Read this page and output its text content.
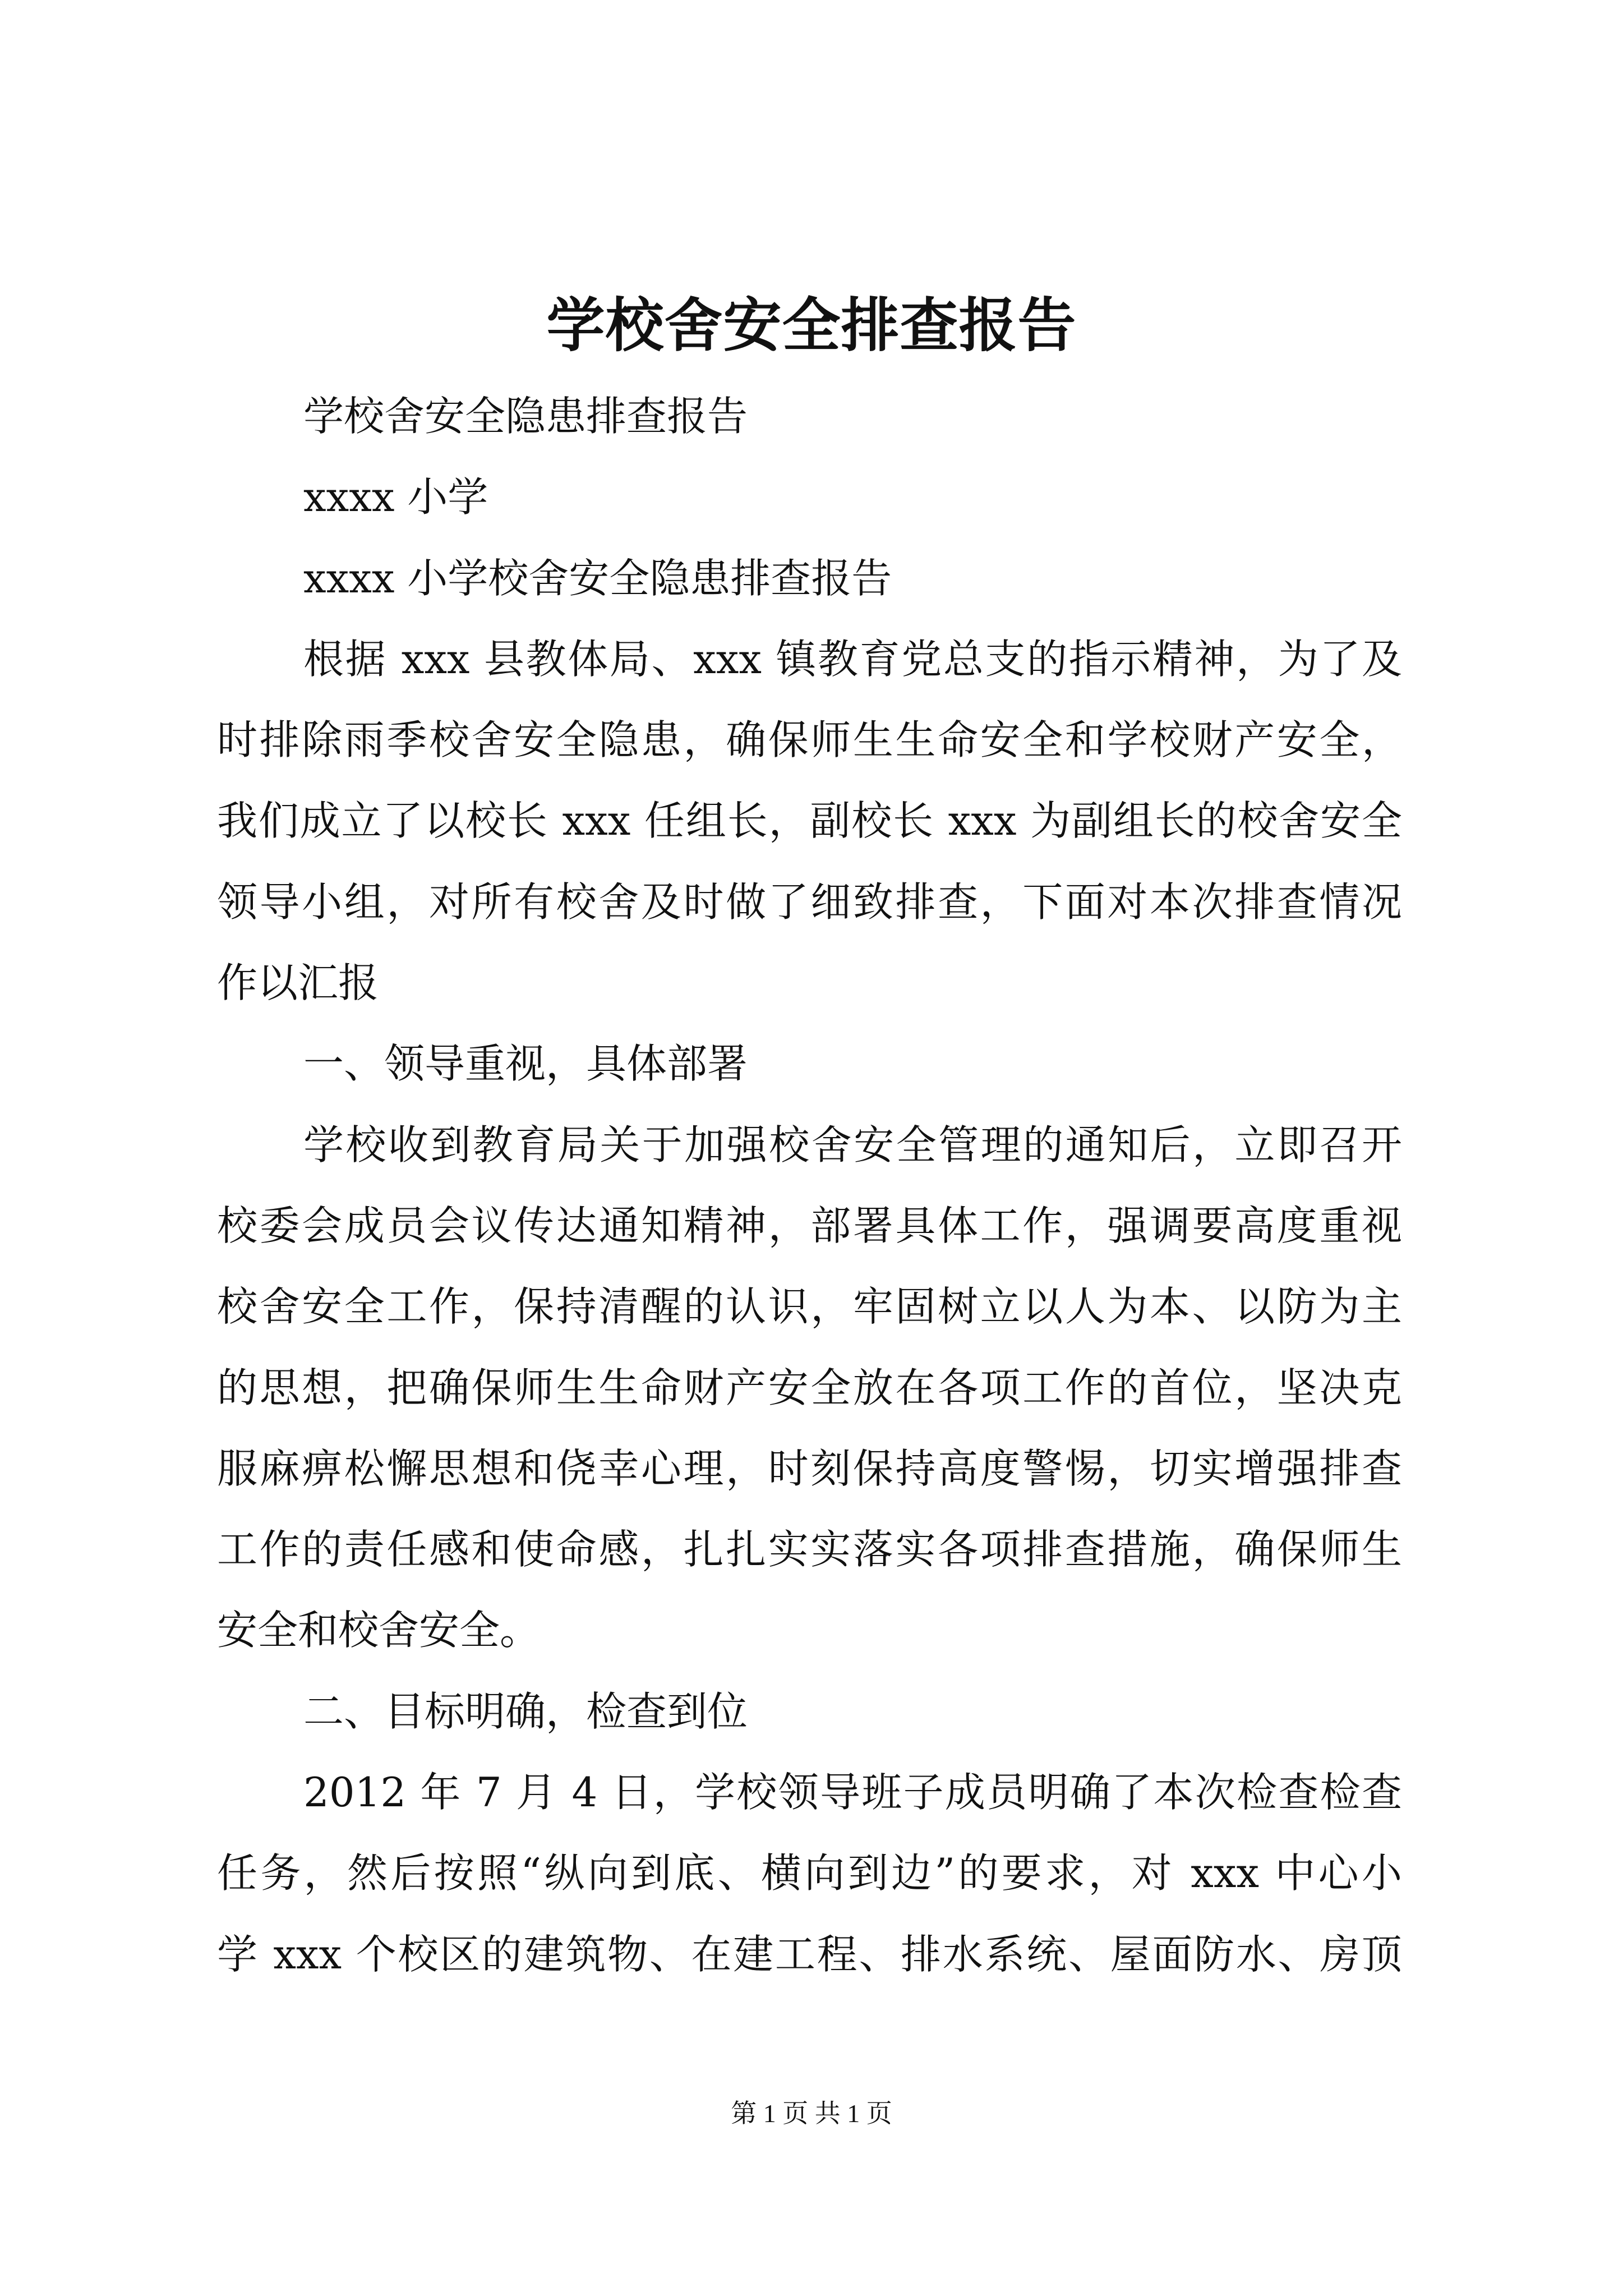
学校舍安全排查报告
学校舍安全隐患排查报告
xxxx 小学
xxxx 小学校舍安全隐患排查报告
根据 xxx 县教体局、xxx 镇教育党总支的指示精神，为了及
时排除雨季校舍安全隐患，确保师生生命安全和学校财产安全，
我们成立了以校长 xxx 任组长，副校长 xxx 为副组长的校舍安全
领导小组，对所有校舍及时做了细致排查，下面对本次排查情况
作以汇报
一、领导重视，具体部署
学校收到教育局关于加强校舍安全管理的通知后，立即召开
校委会成员会议传达通知精神，部署具体工作，强调要高度重视
校舍安全工作，保持清醒的认识，牢固树立以人为本、以防为主
的思想，把确保师生生命财产安全放在各项工作的首位，坚决克
服麻痹松懈思想和侥幸心理，时刻保持高度警惕，切实增强排查
工作的责任感和使命感，扎扎实实落实各项排查措施，确保师生
安全和校舍安全。
二、目标明确，检查到位
2012 年 7 月 4 日，学校领导班子成员明确了本次检查检查
任务，然后按照“纵向到底、横向到边”的要求，对 xxx 中心小
学 xxx 个校区的建筑物、在建工程、排水系统、屋面防水、房顶
第 1 页 共 1 页
